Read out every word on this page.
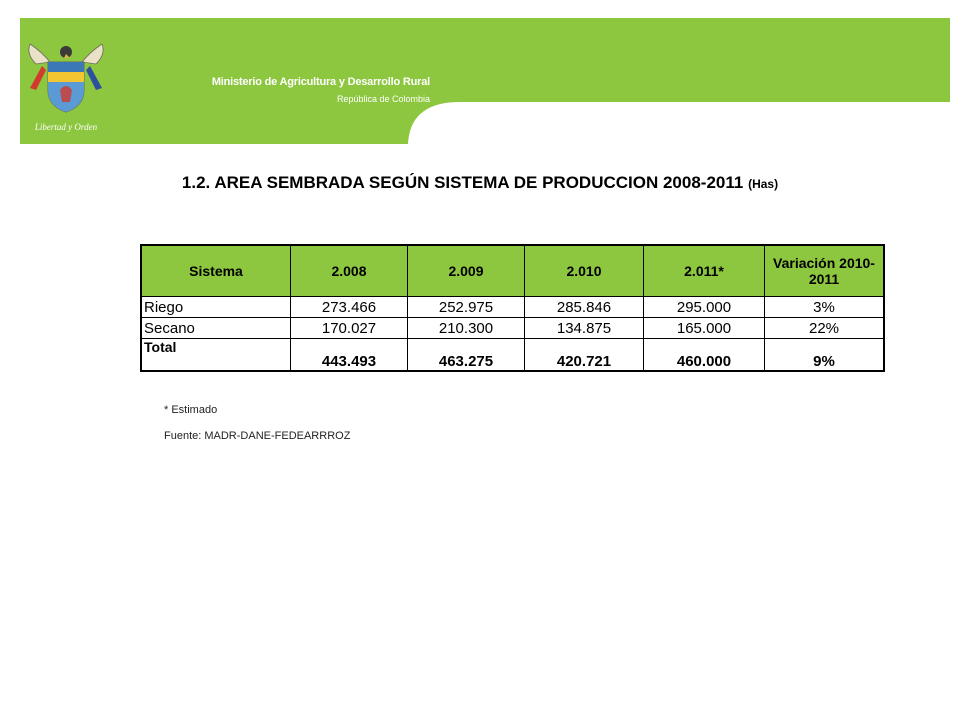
Libertad y Orden
Ministerio de Agricultura y Desarrollo Rural
República de Colombia
1.2. AREA SEMBRADA SEGÚN SISTEMA DE PRODUCCION 2008-2011 (Has)
Sistema	2.008	2.009	2.010	2.011*	Variación 2010-2011
Riego	273.466	252.975	285.846	295.000	3%
Secano	170.027	210.300	134.875	165.000	22%
Total	443.493	463.275	420.721	460.000	9%
* Estimado
Fuente: MADR-DANE-FEDEARRROZ
